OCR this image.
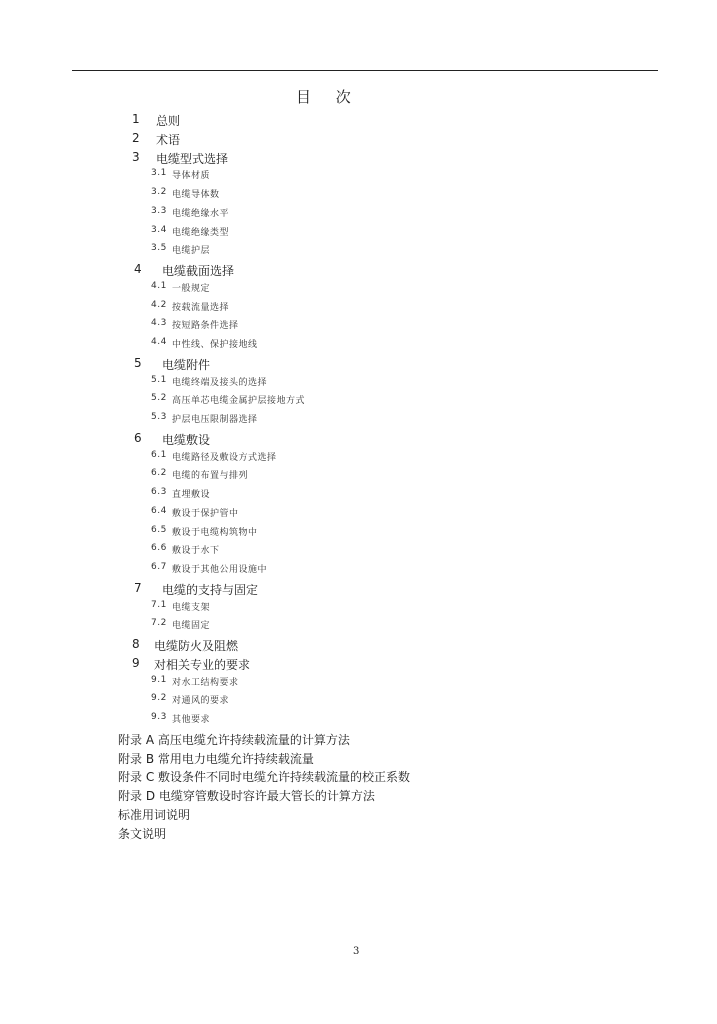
目 次
1 总则
2 术语
3 电缆型式选择
3.1 导体材质
3.2 电缆导体数
3.3 电缆绝缘水平
3.4 电缆绝缘类型
3.5 电缆护层
4 电缆截面选择
4.1 一般规定
4.2 按载流量选择
4.3 按短路条件选择
4.4 中性线、保护接地线
5 电缆附件
5.1 电缆终端及接头的选择
5.2 高压单芯电缆金属护层接地方式
5.3 护层电压限制器选择
6 电缆敷设
6.1 电缆路径及敷设方式选择
6.2 电缆的布置与排列
6.3 直埋敷设
6.4 敷设于保护管中
6.5 敷设于电缆构筑物中
6.6 敷设于水下
6.7 敷设于其他公用设施中
7 电缆的支持与固定
7.1 电缆支架
7.2 电缆固定
8 电缆防火及阻燃
9 对相关专业的要求
9.1 对水工结构要求
9.2 对通风的要求
9.3 其他要求
附录 A 高压电缆允许持续载流量的计算方法
附录 B 常用电力电缆允许持续载流量
附录 C 敷设条件不同时电缆允许持续载流量的校正系数
附录 D 电缆穿管敷设时容许最大管长的计算方法
标准用词说明
条文说明
3
